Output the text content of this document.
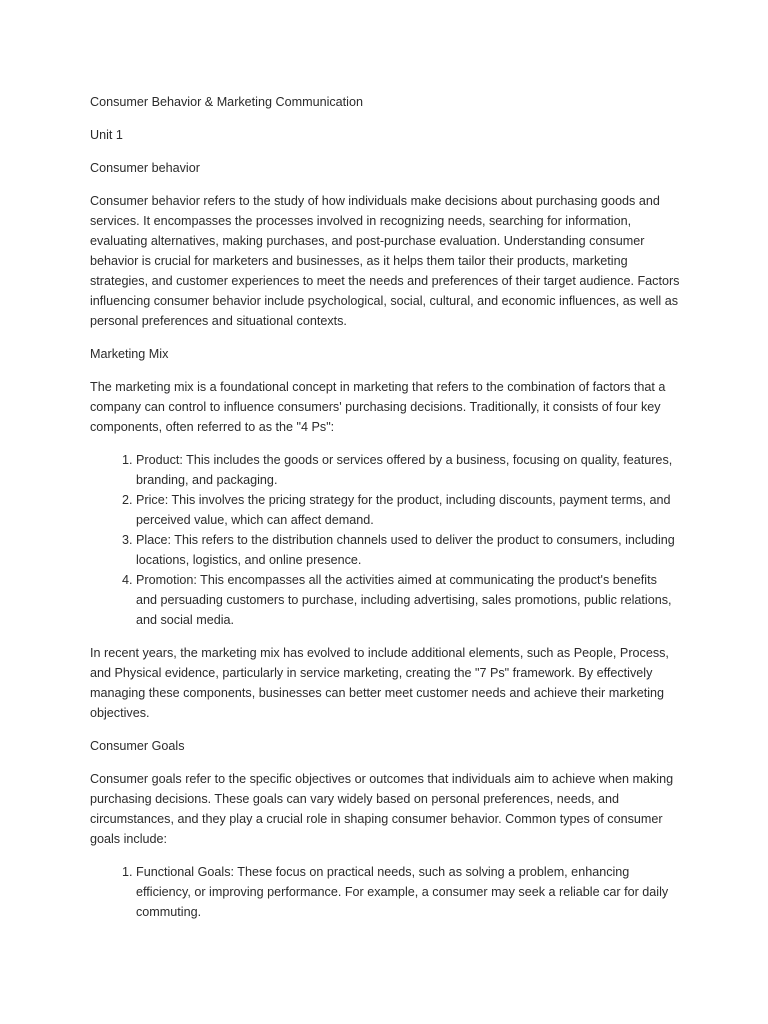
Consumer Behavior & Marketing Communication

Unit 1

Consumer behavior

Consumer behavior refers to the study of how individuals make decisions about purchasing goods and services. It encompasses the processes involved in recognizing needs, searching for information, evaluating alternatives, making purchases, and post-purchase evaluation. Understanding consumer behavior is crucial for marketers and businesses, as it helps them tailor their products, marketing strategies, and customer experiences to meet the needs and preferences of their target audience. Factors influencing consumer behavior include psychological, social, cultural, and economic influences, as well as personal preferences and situational contexts.

Marketing Mix

The marketing mix is a foundational concept in marketing that refers to the combination of factors that a company can control to influence consumers' purchasing decisions. Traditionally, it consists of four key components, often referred to as the "4 Ps":

1. Product: This includes the goods or services offered by a business, focusing on quality, features, branding, and packaging.
2. Price: This involves the pricing strategy for the product, including discounts, payment terms, and perceived value, which can affect demand.
3. Place: This refers to the distribution channels used to deliver the product to consumers, including locations, logistics, and online presence.
4. Promotion: This encompasses all the activities aimed at communicating the product's benefits and persuading customers to purchase, including advertising, sales promotions, public relations, and social media.

In recent years, the marketing mix has evolved to include additional elements, such as People, Process, and Physical evidence, particularly in service marketing, creating the "7 Ps" framework. By effectively managing these components, businesses can better meet customer needs and achieve their marketing objectives.

Consumer Goals

Consumer goals refer to the specific objectives or outcomes that individuals aim to achieve when making purchasing decisions. These goals can vary widely based on personal preferences, needs, and circumstances, and they play a crucial role in shaping consumer behavior. Common types of consumer goals include:

1. Functional Goals: These focus on practical needs, such as solving a problem, enhancing efficiency, or improving performance. For example, a consumer may seek a reliable car for daily commuting.
